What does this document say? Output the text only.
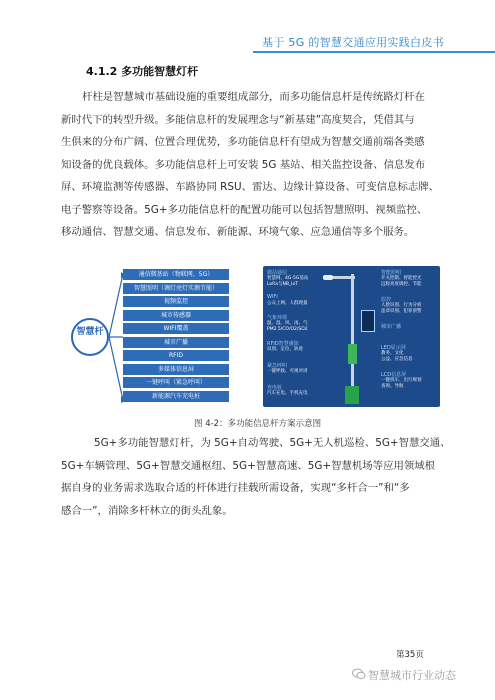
基于 5G 的智慧交通应用实践白皮书
4.1.2 多功能智慧灯杆
杆柱是智慧城市基础设施的重要组成部分，而多功能信息杆是传统路灯杆在
新时代下的转型升级。多能信息杆的发展理念与“新基建”高度契合，凭借其与
生俱来的分布广阔、位置合理优势，多功能信息杆有望成为智慧交通前端各类感
知设备的优良载体。多功能信息杆上可安装 5G 基站、相关监控设备、信息发布
屏、环境监测等传感器、车路协同 RSU、雷达、边缘计算设备、可变信息标志牌、
电子警察等设备。5G+多功能信息杆的配置功能可以包括智慧照明、视频监控、
移动通信、智慧交通、信息发布、新能源、环境气象、应急通信等多个服务。
智慧杆
通信微基站（物联网、5G）
智慧照明（调灯亮灯实测节能）
视频监控
城市传感器
WIFI覆盖
城市广播
RFID
多媒体信息屏
一键呼叫（紧急呼叫）
新能源汽车充电桩
微站通信
智慧网、4G-5G基站
LoRa与NB_IoT
WIFI
公众上网、人群现量
气象环境
温、湿、风、雨、气
PM2.5/CO/O2/SO2
RFID智慧感知
识别、定位、轨迹
紧急呼叫
一键呼救、可视对讲
充电桩
汽车充电、手机充电
智能照明
开关控制、智能控光
远程亮度调控、节能
监控
人脸识别、行为分析
违章识别、犯罪预警
城市广播
LED显示屏
教务、文化
公益、应急信息
LCD信息屏
一键找车、出行规划
查询、导航
图 4-2：多功能信息杆方案示意图
5G+多功能智慧灯杆，为 5G+自动驾驶、5G+无人机巡检、5G+智慧交通、
5G+车辆管理、5G+智慧交通枢纽、5G+智慧高速、5G+智慧机场等应用领域根
据自身的业务需求选取合适的杆体进行挂载所需设备，实现“多杆合一”和“多
感合一”，消除多杆林立的街头乱象。
第35页
智慧城市行业动态
